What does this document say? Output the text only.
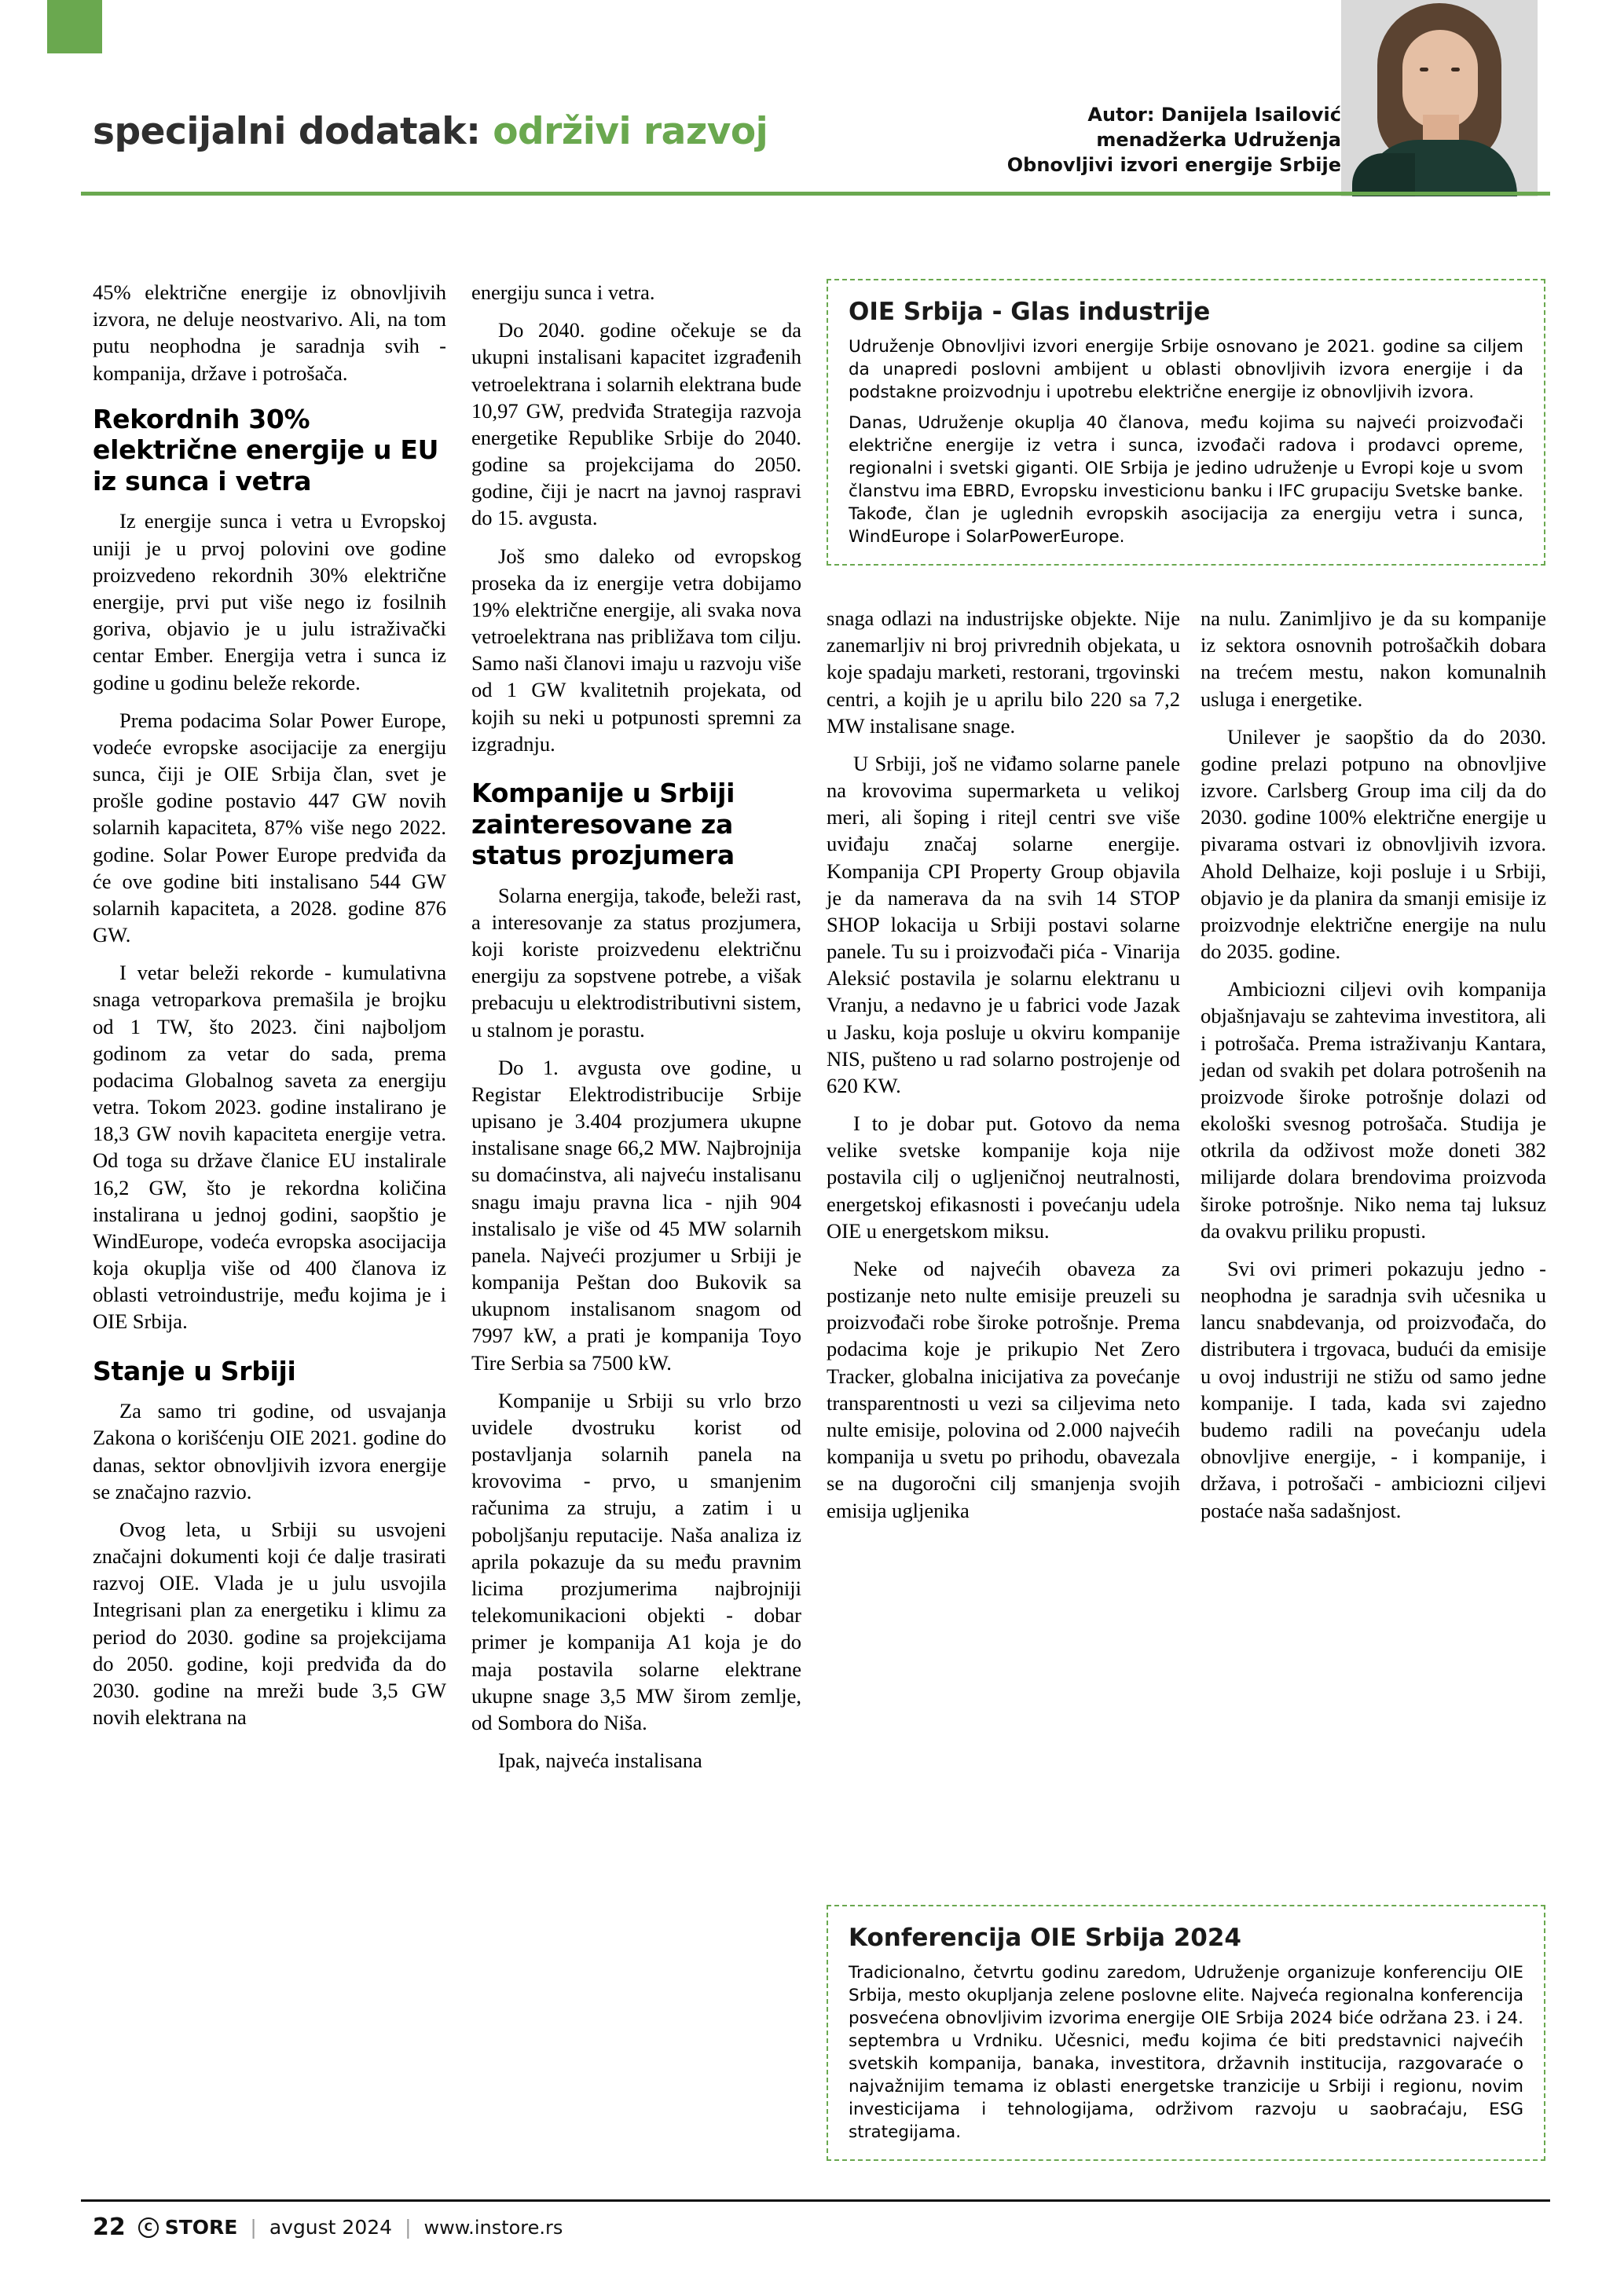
specijalni dodatak: održivi razvoj	Autor: Danijela Isailović
menadžerka Udruženja
Obnovljivi izvori energije Srbije

45% električne energije iz obnovljivih izvora, ne deluje neostvarivo. Ali, na tom putu neophodna je saradnja svih - kompanija, države i potrošača.

Rekordnih 30% električne energije u EU iz sunca i vetra

Iz energije sunca i vetra u Evropskoj uniji je u prvoj polovini ove godine proizvedeno rekordnih 30% električne energije, prvi put više nego iz fosilnih goriva, objavio je u julu istraživački centar Ember. Energija vetra i sunca iz godine u godinu beleže rekorde.

Prema podacima Solar Power Europe, vodeće evropske asocijacije za energiju sunca, čiji je OIE Srbija član, svet je prošle godine postavio 447 GW novih solarnih kapaciteta, 87% više nego 2022. godine. Solar Power Europe predviđa da će ove godine biti instalisano 544 GW solarnih kapaciteta, a 2028. godine 876 GW.

I vetar beleži rekorde - kumulativna snaga vetroparkova premašila je brojku od 1 TW, što 2023. čini najboljom godinom za vetar do sada, prema podacima Globalnog saveta za energiju vetra. Tokom 2023. godine instalirano je 18,3 GW novih kapaciteta energije vetra. Od toga su države članice EU instalirale 16,2 GW, što je rekordna količina instalirana u jednoj godini, saopštio je WindEurope, vodeća evropska asocijacija koja okuplja više od 400 članova iz oblasti vetroindustrije, među kojima je i OIE Srbija.

Stanje u Srbiji

Za samo tri godine, od usvajanja Zakona o korišćenju OIE 2021. godine do danas, sektor obnovljivih izvora energije se značajno razvio.

Ovog leta, u Srbiji su usvojeni značajni dokumenti koji će dalje trasirati razvoj OIE. Vlada je u julu usvojila Integrisani plan za energetiku i klimu za period do 2030. godine sa projekcijama do 2050. godine, koji predviđa da do 2030. godine na mreži bude 3,5 GW novih elektrana na

energiju sunca i vetra.

Do 2040. godine očekuje se da ukupni instalisani kapacitet izgrađenih vetroelektrana i solarnih elektrana bude 10,97 GW, predviđa Strategija razvoja energetike Republike Srbije do 2040. godine sa projekcijama do 2050. godine, čiji je nacrt na javnoj raspravi do 15. avgusta.

Još smo daleko od evropskog proseka da iz energije vetra dobijamo 19% električne energije, ali svaka nova vetroelektrana nas približava tom cilju. Samo naši članovi imaju u razvoju više od 1 GW kvalitetnih projekata, od kojih su neki u potpunosti spremni za izgradnju.

Kompanije u Srbiji zainteresovane za status prozjumera

Solarna energija, takođe, beleži rast, a interesovanje za status prozjumera, koji koriste proizvedenu električnu energiju za sopstvene potrebe, a višak prebacuju u elektrodistributivni sistem, u stalnom je porastu.

Do 1. avgusta ove godine, u Registar Elektrodistribucije Srbije upisano je 3.404 prozjumera ukupne instalisane snage 66,2 MW. Najbrojnija su domaćinstva, ali najveću instalisanu snagu imaju pravna lica - njih 904 instalisalo je više od 45 MW solarnih panela. Najveći prozjumer u Srbiji je kompanija Peštan doo Bukovik sa ukupnom instalisanom snagom od 7997 kW, a prati je kompanija Toyo Tire Serbia sa 7500 kW.

Kompanije u Srbiji su vrlo brzo uvidele dvostruku korist od postavljanja solarnih panela na krovovima - prvo, u smanjenim računima za struju, a zatim i u poboljšanju reputacije. Naša analiza iz aprila pokazuje da su među pravnim licima prozjumerima najbrojniji telekomunikacioni objekti - dobar primer je kompanija A1 koja je do maja postavila solarne elektrane ukupne snage 3,5 MW širom zemlje, od Sombora do Niša.

Ipak, najveća instalisana

OIE Srbija - Glas industrije

Udruženje Obnovljivi izvori energije Srbije osnovano je 2021. godine sa ciljem da unapredi poslovni ambijent u oblasti obnovljivih izvora energije i da podstakne proizvodnju i upotrebu električne energije iz obnovljivih izvora.

Danas, Udruženje okuplja 40 članova, među kojima su najveći proizvođači električne energije iz vetra i sunca, izvođači radova i prodavci opreme, regionalni i svetski giganti. OIE Srbija je jedino udruženje u Evropi koje u svom članstvu ima EBRD, Evropsku investicionu banku i IFC grupaciju Svetske banke. Takođe, član je uglednih evropskih asocijacija za energiju vetra i sunca, WindEurope i SolarPowerEurope.

snaga odlazi na industrijske objekte. Nije zanemarljiv ni broj privrednih objekata, u koje spadaju marketi, restorani, trgovinski centri, a kojih je u aprilu bilo 220 sa 7,2 MW instalisane snage.

U Srbiji, još ne viđamo solarne panele na krovovima supermarketa u velikoj meri, ali šoping i ritejl centri sve više uviđaju značaj solarne energije. Kompanija CPI Property Group objavila je da nameravа da na svih 14 STOP SHOP lokacija u Srbiji postavi solarne panele. Tu su i proizvođači pića - Vinarija Aleksić postavila je solarnu elektranu u Vranju, a nedavno je u fabrici vode Jazak u Jasku, koja posluje u okviru kompanije NIS, pušteno u rad solarno postrojenje od 620 KW.

I to je dobar put. Gotovo da nema velike svetske kompanije koja nije postavila cilj o ugljeničnoj neutralnosti, energetskoj efikasnosti i povećanju udela OIE u energetskom miksu.

Neke od najvećih obaveza za postizanje neto nulte emisije preuzeli su proizvođači robe široke potrošnje. Prema podacima koje je prikupio Net Zero Tracker, globalna inicijativa za povećanje transparentnosti u vezi sa ciljevima neto nulte emisije, polovina od 2.000 najvećih kompanija u svetu po prihodu, obavezala se na dugoročni cilj smanjenja svojih emisija ugljenika

na nulu. Zanimljivo je da su kompanije iz sektora osnovnih potrošačkih dobara na trećem mestu, nakon komunalnih usluga i energetike.

Unilever je saopštio da do 2030. godine prelazi potpuno na obnovljive izvore. Carlsberg Group ima cilj da do 2030. godine 100% električne energije u pivarama ostvari iz obnovljivih izvora. Ahold Delhaize, koji posluje i u Srbiji, objavio je da planira da smanji emisije iz proizvodnje električne energije na nulu do 2035. godine.

Ambiciozni ciljevi ovih kompanija objašnjavaju se zahtevima investitora, ali i potrošača. Prema istraživanju Kantara, jedan od svakih pet dolara potrošenih na proizvode široke potrošnje dolazi od ekološki svesnog potrošača. Studija je otkrila da odživost može doneti 382 milijarde dolara brendovima proizvoda široke potrošnje. Niko nema taj luksuz da ovakvu priliku propusti.

Svi ovi primeri pokazuju jedno - neophodna je saradnja svih učesnika u lancu snabdevanja, od proizvođača, do distributera i trgovaca, budući da emisije u ovoj industriji ne stižu od samo jedne kompanije. I tada, kada svi zajedno budemo radili na povećanju udela obnovljive energije, - i kompanije, i država, i potrošači - ambiciozni ciljevi postaće naša sadašnjost.

Konferencija OIE Srbija 2024

Tradicionalno, četvrtu godinu zaredom, Udruženje organizuje konferenciju OIE Srbija, mesto okupljanja zelene poslovne elite. Najveća regionalna konferencija posvećena obnovljivim izvorima energije OIE Srbija 2024 biće održana 23. i 24. septembra u Vrdniku. Učesnici, među kojima će biti predstavnici najvećih svetskih kompanija, banaka, investitora, državnih institucija, razgovaraće o najvažnijim temama iz oblasti energetske tranzicije u Srbiji i regionu, novim investicijama i tehnologijama, održivom razvoju u saobraćaju, ESG strategijama.

22	C STORE | avgust 2024 | www.instore.rs
